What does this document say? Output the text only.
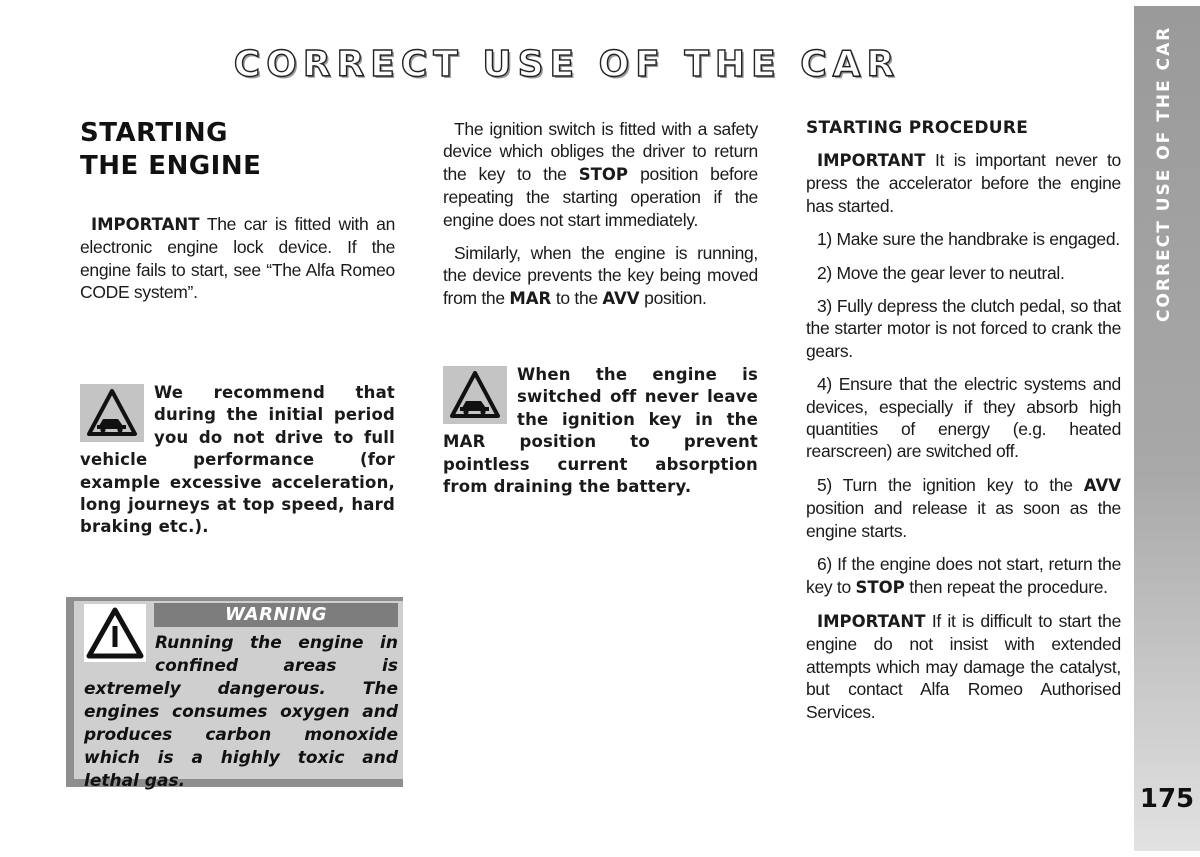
CORRECT USE OF THE CAR	CORRECT USE OF THE CAR
175
STARTING
THE ENGINE

IMPORTANT The car is fitted with an electronic engine lock device. If the engine fails to start, see “The Alfa Romeo CODE system”.

We recommend that during the initial period you do not drive to full vehicle performance (for example excessive acceleration, long journeys at top speed, hard braking etc.).
WARNING
Running the engine in confined areas is extremely dangerous. The engines consumes oxygen and produces carbon monoxide which is a highly toxic and lethal gas.

The ignition switch is fitted with a safety device which obliges the driver to return the key to the STOP position before repeating the starting operation if the engine does not start immediately.

Similarly, when the engine is running, the device prevents the key being moved from the MAR to the AVV position.

When the engine is switched off never leave the ignition key in the MAR position to prevent pointless current absorption from draining the battery.
STARTING PROCEDURE

IMPORTANT It is important never to press the accelerator before the engine has started.

1) Make sure the handbrake is engaged.

2) Move the gear lever to neutral.

3) Fully depress the clutch pedal, so that the starter motor is not forced to crank the gears.

4) Ensure that the electric systems and devices, especially if they absorb high quantities of energy (e.g. heated rearscreen) are switched off.

5) Turn the ignition key to the AVV position and release it as soon as the engine starts.

6) If the engine does not start, return the key to STOP then repeat the procedure.

IMPORTANT If it is difficult to start the engine do not insist with extended attempts which may damage the catalyst, but contact Alfa Romeo Authorised Services.
